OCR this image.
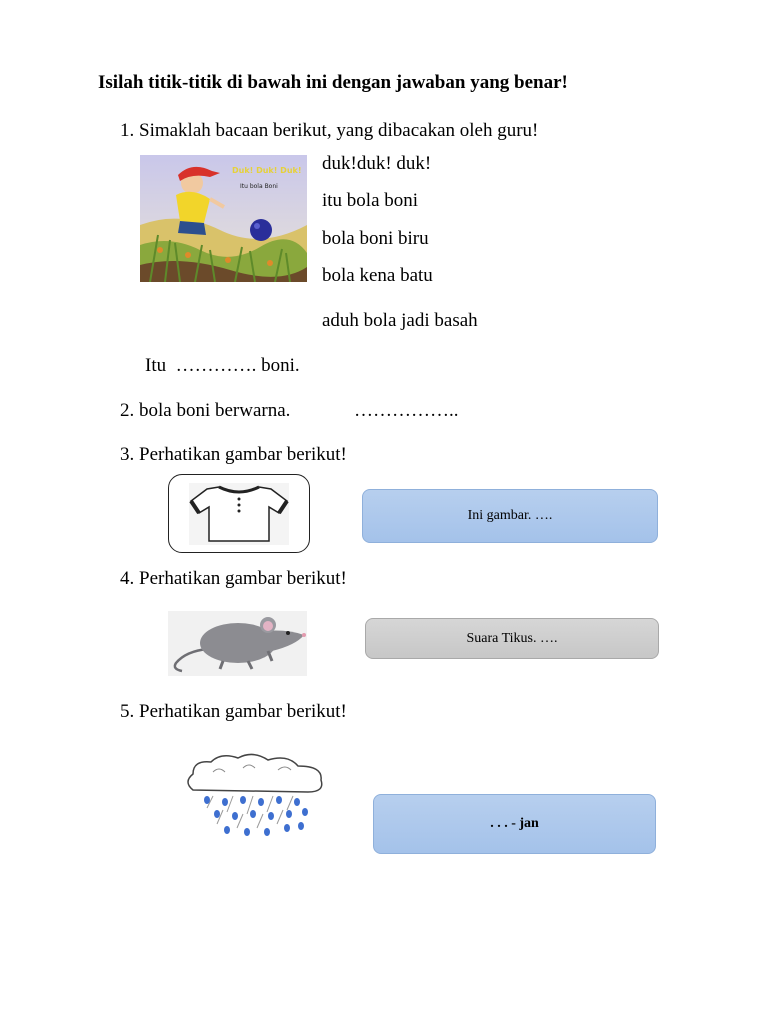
Isilah titik-titik di bawah ini dengan jawaban yang benar!
1. Simaklah bacaan berikut, yang dibacakan oleh guru!
Duk! Duk! Duk!
Itu bola Boni
duk!duk! duk!
itu bola boni
bola boni biru
bola kena batu
aduh bola jadi basah
Itu  …………. boni.
2. bola boni berwarna.	……………..
3. Perhatikan gambar berikut!
Ini gambar. ….
4. Perhatikan gambar berikut!
Suara Tikus. ….
5. Perhatikan gambar berikut!
. . . - jan
